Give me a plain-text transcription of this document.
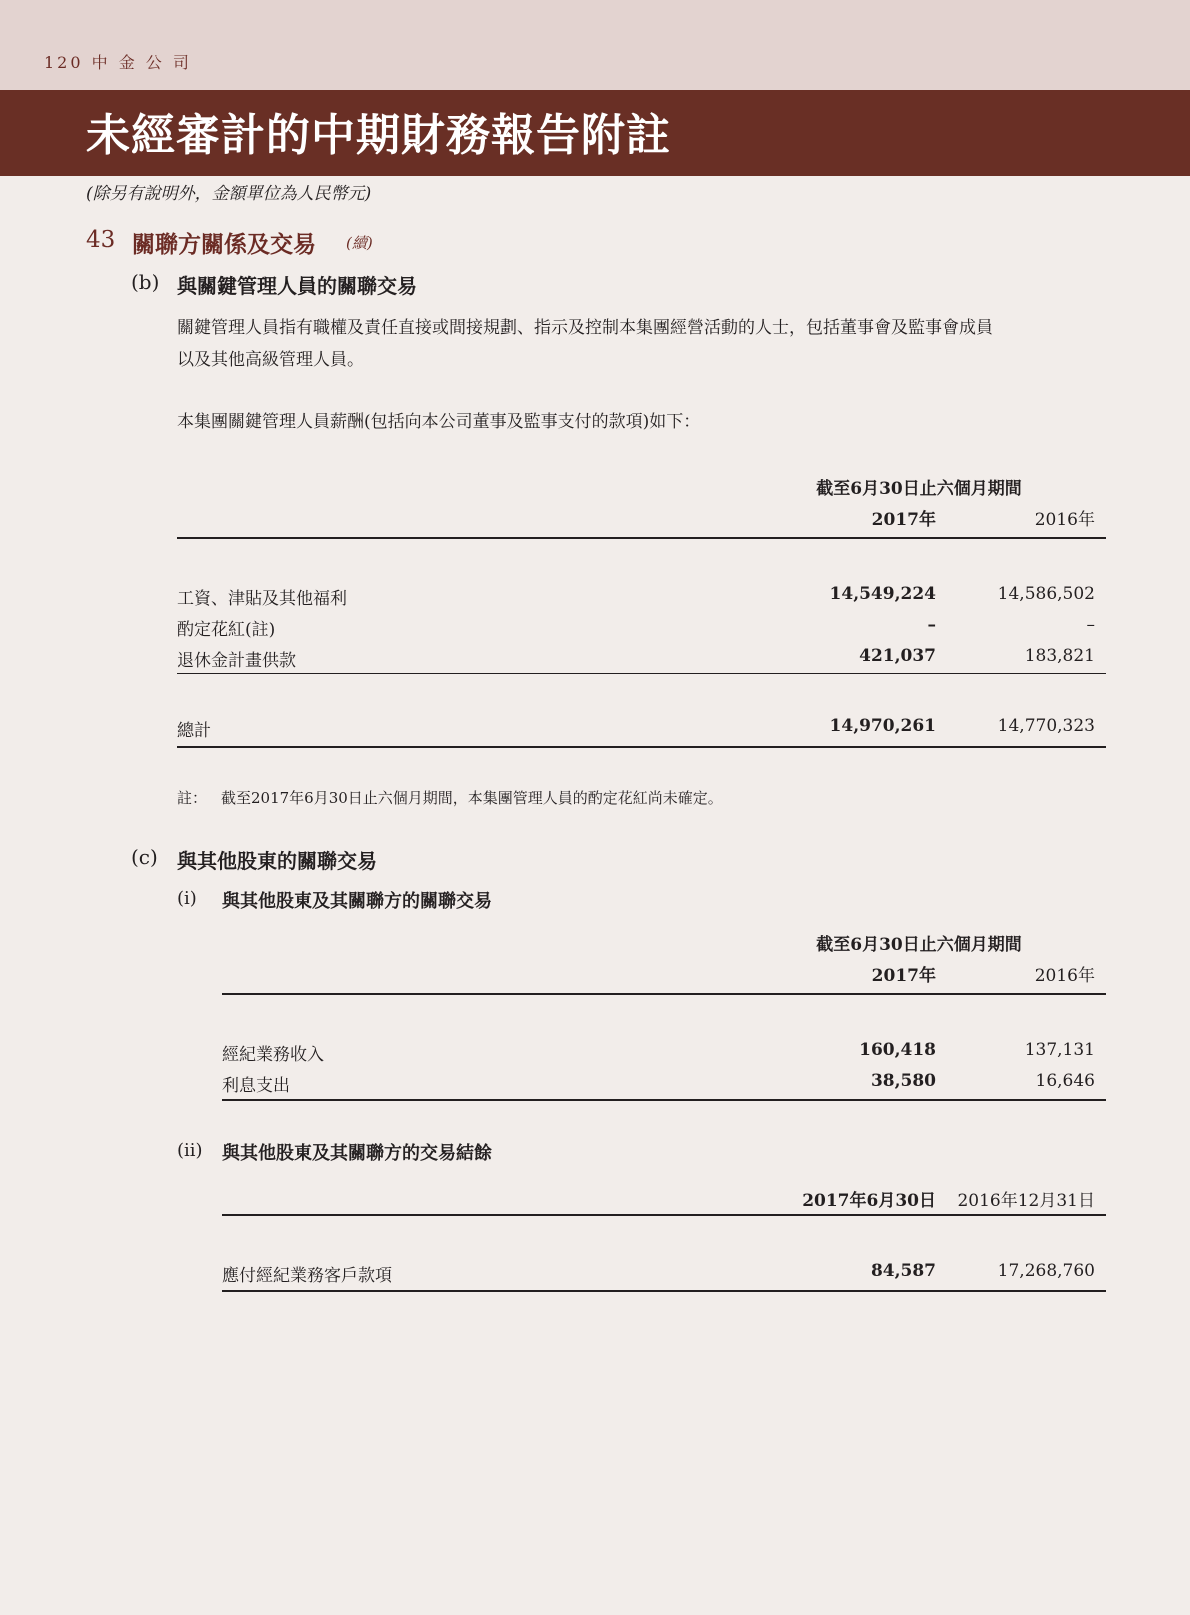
120 中 金 公 司
未經審計的中期財務報告附註
(除另有說明外，金額單位為人民幣元)
43 關聯方關係及交易 (續)
(b) 與關鍵管理人員的關聯交易
關鍵管理人員指有職權及責任直接或間接規劃、指示及控制本集團經營活動的人士，包括董事會及監事會成員
以及其他高級管理人員。
本集團關鍵管理人員薪酬(包括向本公司董事及監事支付的款項)如下：
截至6月30日止六個月期間
2017年	2016年
工資、津貼及其他福利	14,549,224	14,586,502
酌定花紅(註)	–	–
退休金計畫供款	421,037	183,821
總計	14,970,261	14,770,323
註： 截至2017年6月30日止六個月期間，本集團管理人員的酌定花紅尚未確定。
(c) 與其他股東的關聯交易
(i) 與其他股東及其關聯方的關聯交易
截至6月30日止六個月期間
2017年	2016年
經紀業務收入	160,418	137,131
利息支出	38,580	16,646
(ii) 與其他股東及其關聯方的交易結餘
2017年6月30日	2016年12月31日
應付經紀業務客戶款項	84,587	17,268,760
